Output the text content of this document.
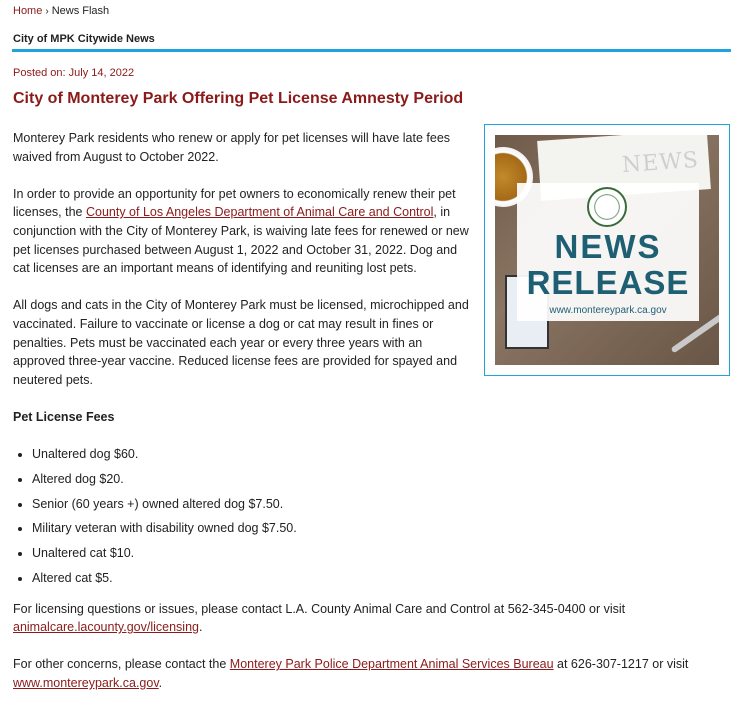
Home › News Flash
City of MPK Citywide News
Posted on: July 14, 2022
City of Monterey Park Offering Pet License Amnesty Period
NEWS
NEWS
RELEASE
www.montereypark.ca.gov

Monterey Park residents who renew or apply for pet licenses will have late fees waived from August to October 2022.

In order to provide an opportunity for pet owners to economically renew their pet licenses, the County of Los Angeles Department of Animal Care and Control, in conjunction with the City of Monterey Park, is waiving late fees for renewed or new pet licenses purchased between August 1, 2022 and October 31, 2022. Dog and cat licenses are an important means of identifying and reuniting lost pets.

All dogs and cats in the City of Monterey Park must be licensed, microchipped and vaccinated. Failure to vaccinate or license a dog or cat may result in fines or penalties. Pets must be vaccinated each year or every three years with an approved three-year vaccine. Reduced license fees are provided for spayed and neutered pets.

Pet License Fees
• Unaltered dog $60.
• Altered dog $20.
• Senior (60 years +) owned altered dog $7.50.
• Military veteran with disability owned dog $7.50.
• Unaltered cat $10.
• Altered cat $5.

For licensing questions or issues, please contact L.A. County Animal Care and Control at 562-345-0400 or visit animalcare.lacounty.gov/licensing.

For other concerns, please contact the Monterey Park Police Department Animal Services Bureau at 626-307-1217 or visit www.montereypark.ca.gov.
